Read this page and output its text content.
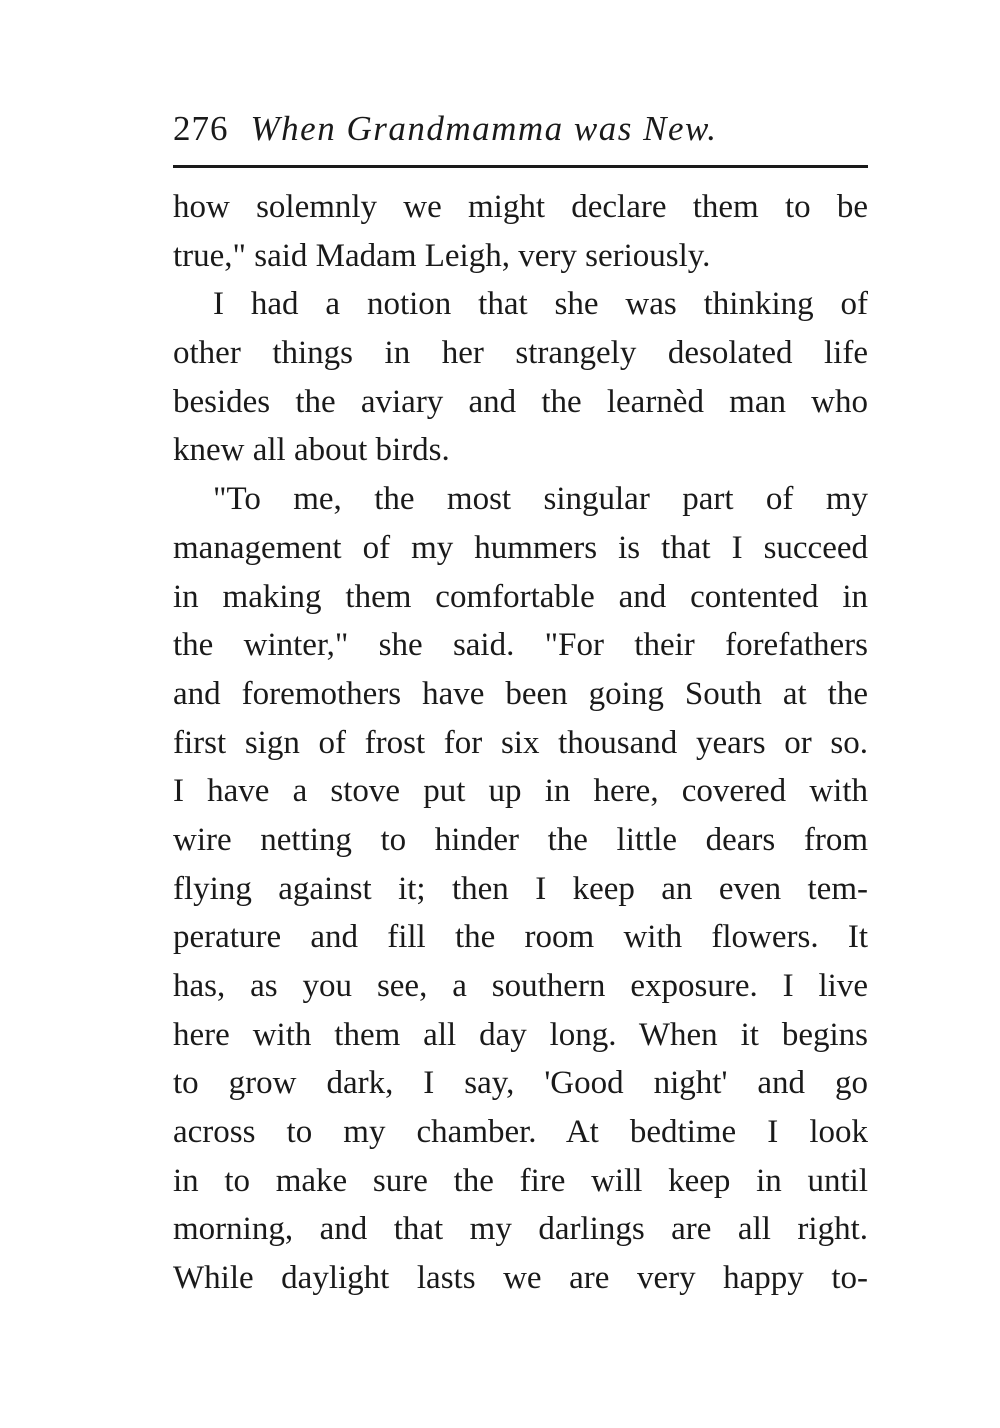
276 When Grandmamma was New.
how solemnly we might declare them to be
true," said Madam Leigh, very seriously.
I had a notion that she was thinking of
other things in her strangely desolated life
besides the aviary and the learnèd man who
knew all about birds.
"To me, the most singular part of my
management of my hummers is that I succeed
in making them comfortable and contented in
the winter," she said. "For their forefathers
and foremothers have been going South at the
first sign of frost for six thousand years or so.
I have a stove put up in here, covered with
wire netting to hinder the little dears from
flying against it; then I keep an even tem-
perature and fill the room with flowers. It
has, as you see, a southern exposure. I live
here with them all day long. When it begins
to grow dark, I say, 'Good night' and go
across to my chamber. At bedtime I look
in to make sure the fire will keep in until
morning, and that my darlings are all right.
While daylight lasts we are very happy to-
